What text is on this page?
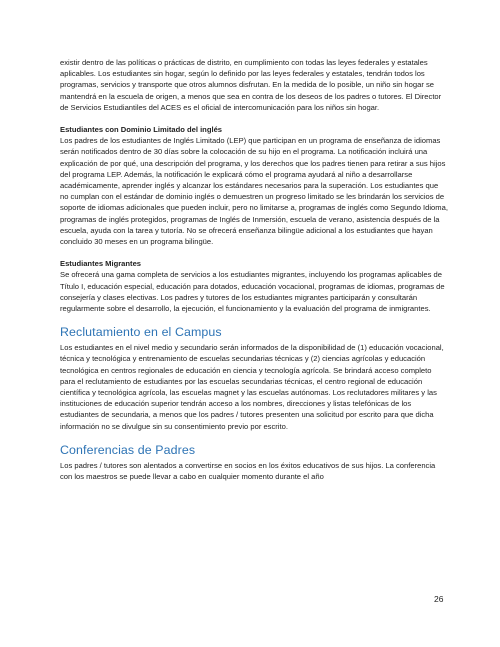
existir dentro de las políticas o prácticas de distrito, en cumplimiento con todas las leyes federales y estatales aplicables. Los estudiantes sin hogar, según lo definido por las leyes federales y estatales, tendrán todos los programas, servicios y transporte que otros alumnos disfrutan. En la medida de lo posible, un niño sin hogar se mantendrá en la escuela de origen, a menos que sea en contra de los deseos de los padres o tutores. El Director de Servicios Estudiantiles del ACES es el oficial de intercomunicación para los niños sin hogar.

Estudiantes con Dominio Limitado del inglés

Los padres de los estudiantes de Inglés Limitado (LEP) que participan en un programa de enseñanza de idiomas serán notificados dentro de 30 días sobre la colocación de su hijo en el programa. La notificación incluirá una explicación de por qué, una descripción del programa, y los derechos que los padres tienen para retirar a sus hijos del programa LEP. Además, la notificación le explicará cómo el programa ayudará al niño a desarrollarse académicamente, aprender inglés y alcanzar los estándares necesarios para la superación. Los estudiantes que no cumplan con el estándar de dominio inglés o demuestren un progreso limitado se les brindarán los servicios de soporte de idiomas adicionales que pueden incluir, pero no limitarse a, programas de inglés como Segundo Idioma, programas de inglés protegidos, programas de Inglés de Inmersión, escuela de verano, asistencia después de la escuela, ayuda con la tarea y tutoría. No se ofrecerá enseñanza bilingüe adicional a los estudiantes que hayan concluido 30 meses en un programa bilingüe.

Estudiantes Migrantes

Se ofrecerá una gama completa de servicios a los estudiantes migrantes, incluyendo los programas aplicables de Título I, educación especial, educación para dotados, educación vocacional, programas de idiomas, programas de consejería y clases electivas. Los padres y tutores de los estudiantes migrantes participarán y consultarán regularmente sobre el desarrollo, la ejecución, el funcionamiento y la evaluación del programa de inmigrantes.

Reclutamiento en el Campus

Los estudiantes en el nivel medio y secundario serán informados de la disponibilidad de (1) educación vocacional, técnica y tecnológica y entrenamiento de escuelas secundarias técnicas y (2) ciencias agrícolas y educación tecnológica en centros regionales de educación en ciencia y tecnología agrícola. Se brindará acceso completo para el reclutamiento de estudiantes por las escuelas secundarias técnicas, el centro regional de educación científica y tecnológica agrícola, las escuelas magnet y las escuelas autónomas. Los reclutadores militares y las instituciones de educación superior tendrán acceso a los nombres, direcciones y listas telefónicas de los estudiantes de secundaria, a menos que los padres / tutores presenten una solicitud por escrito para que dicha información no se divulgue sin su consentimiento previo por escrito.

Conferencias de Padres

Los padres / tutores son alentados a convertirse en socios en los éxitos educativos de sus hijos. La conferencia con los maestros se puede llevar a cabo en cualquier momento durante el año

26
